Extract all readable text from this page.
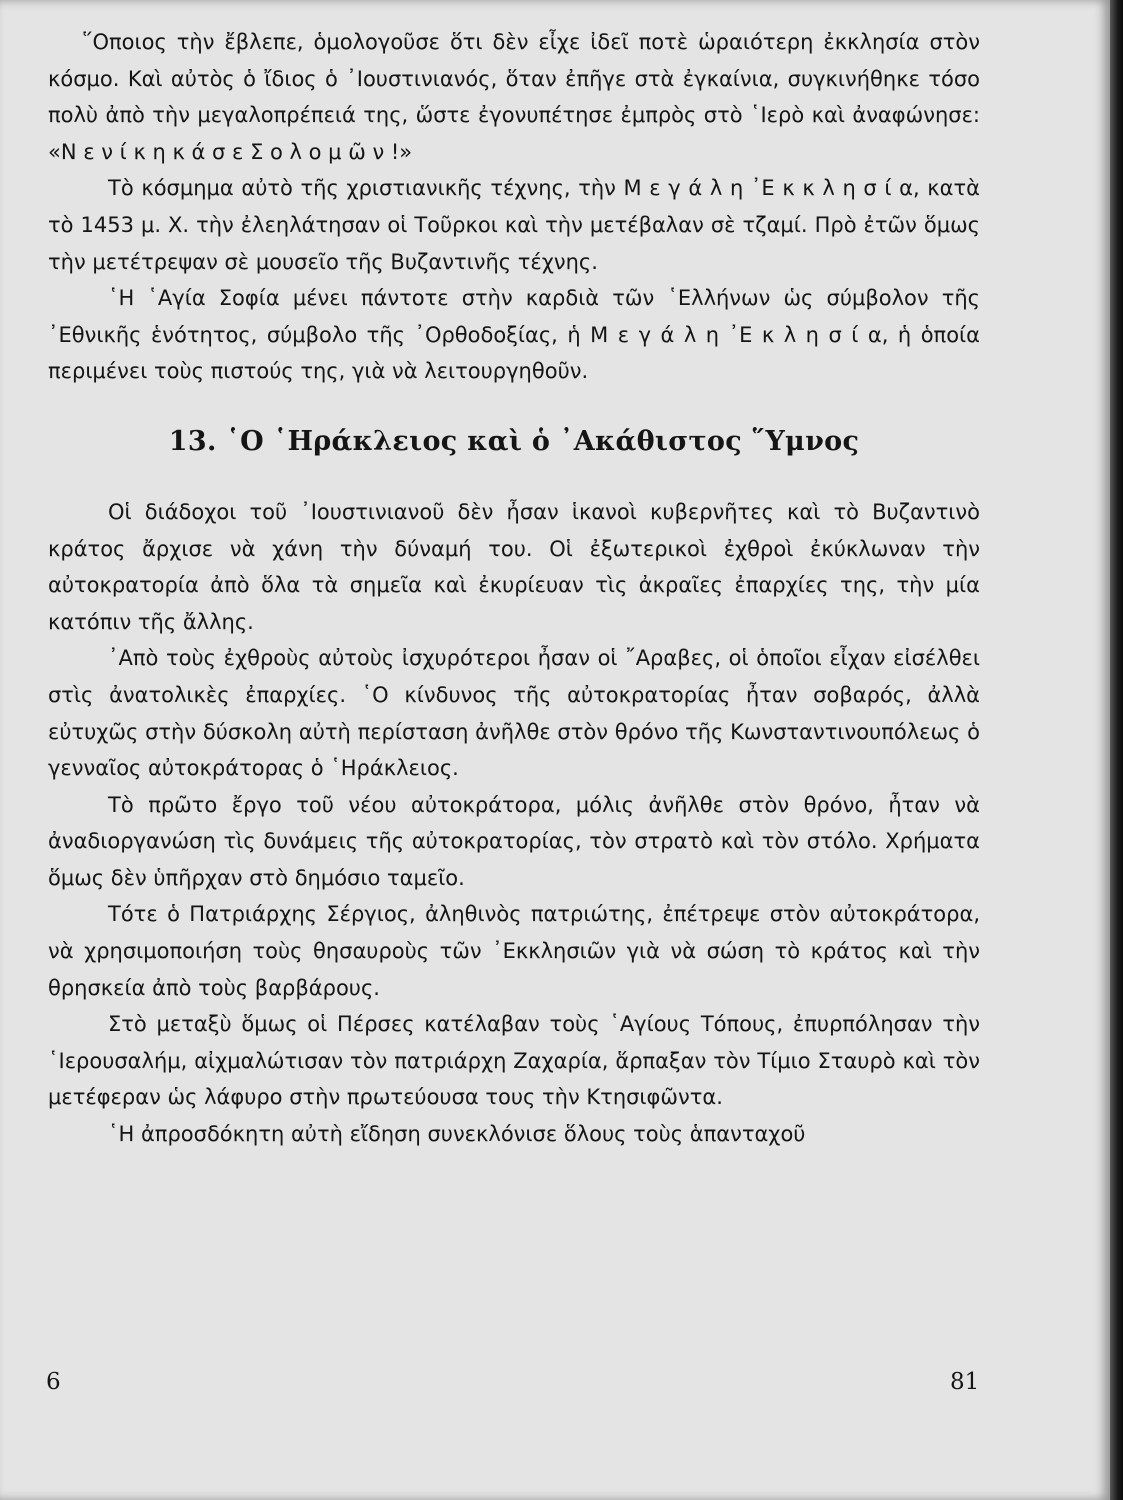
῞Οποιος τὴν ἔβλεπε, ὁμολογοῦσε ὅτι δὲν εἶχε ἰδεῖ ποτὲ ὡραιότερη ἐκκλησία στὸν κόσμο. Καὶ αὐτὸς ὁ ἴδιος ὁ ᾿Ιουστινιανός, ὅταν ἐπῆγε στὰ ἐγκαίνια, συγκινήθηκε τόσο πολὺ ἀπὸ τὴν μεγαλοπρέπειά της, ὥστε ἐγονυπέτησε ἐμπρὸς στὸ ῾Ιερὸ καὶ ἀναφώνησε: «Ν ε ν ί κ η κ ά σ ε Σ ο λ ο μ ῶ ν !»

Τὸ κόσμημα αὐτὸ τῆς χριστιανικῆς τέχνης, τὴν Μ ε γ ά λ η ᾿Ε κ κ λ η σ ί α, κατὰ τὸ 1453 μ. Χ. τὴν ἐλεηλάτησαν οἱ Τοῦρκοι καὶ τὴν μετέβαλαν σὲ τζαμί. Πρὸ ἐτῶν ὅμως τὴν μετέτρεψαν σὲ μουσεῖο τῆς Βυζαντινῆς τέχνης.

῾Η ῾Αγία Σοφία μένει πάντοτε στὴν καρδιὰ τῶν ῾Ελλήνων ὡς σύμβολον τῆς ᾿Εθνικῆς ἑνότητος, σύμβολο τῆς ᾿Ορθοδοξίας, ἡ Μ ε γ ά λ η ᾿Ε κ λ η σ ί α, ἡ ὁποία περιμένει τοὺς πιστούς της, γιὰ νὰ λειτουργηθοῦν.

13. ῾Ο ῾Ηράκλειος καὶ ὁ ᾿Ακάθιστος ῞Υμνος

Οἱ διάδοχοι τοῦ ᾿Ιουστινιανοῦ δὲν ἦσαν ἱκανοὶ κυβερνῆτες καὶ τὸ Βυζαντινὸ κράτος ἄρχισε νὰ χάνη τὴν δύναμή του. Οἱ ἐξωτερικοὶ ἐχθροὶ ἐκύκλωναν τὴν αὐτοκρατορία ἀπὸ ὅλα τὰ σημεῖα καὶ ἐκυρίευαν τὶς ἀκραῖες ἐπαρχίες της, τὴν μία κατόπιν τῆς ἄλλης.

᾿Απὸ τοὺς ἐχθροὺς αὐτοὺς ἰσχυρότεροι ἦσαν οἱ ῎Αραβες, οἱ ὁποῖοι εἶχαν εἰσέλθει στὶς ἀνατολικὲς ἐπαρχίες. ῾Ο κίνδυνος τῆς αὐτοκρατορίας ἦταν σοβαρός, ἀλλὰ εὐτυχῶς στὴν δύσκολη αὐτὴ περίσταση ἀνῆλθε στὸν θρόνο τῆς Κωνσταντινουπόλεως ὁ γενναῖος αὐτοκράτορας ὁ ῾Ηράκλειος.

Τὸ πρῶτο ἔργο τοῦ νέου αὐτοκράτορα, μόλις ἀνῆλθε στὸν θρόνο, ἦταν νὰ ἀναδιοργανώση τὶς δυνάμεις τῆς αὐτοκρατορίας, τὸν στρατὸ καὶ τὸν στόλο. Χρήματα ὅμως δὲν ὑπῆρχαν στὸ δημόσιο ταμεῖο.

Τότε ὁ Πατριάρχης Σέργιος, ἀληθινὸς πατριώτης, ἐπέτρεψε στὸν αὐτοκράτορα, νὰ χρησιμοποιήση τοὺς θησαυροὺς τῶν ᾿Εκκλησιῶν γιὰ νὰ σώση τὸ κράτος καὶ τὴν θρησκεία ἀπὸ τοὺς βαρβάρους.

Στὸ μεταξὺ ὅμως οἱ Πέρσες κατέλαβαν τοὺς ῾Αγίους Τόπους, ἐπυρπόλησαν τὴν ῾Ιερουσαλήμ, αἰχμαλώτισαν τὸν πατριάρχη Ζαχαρία, ἅρπαξαν τὸν Τίμιο Σταυρὸ καὶ τὸν μετέφεραν ὡς λάφυρο στὴν πρωτεύουσα τους τὴν Κτησιφῶντα.

῾Η ἀπροσδόκητη αὐτὴ εἴδηση συνεκλόνισε ὅλους τοὺς ἁπανταχοῦ

6	81
